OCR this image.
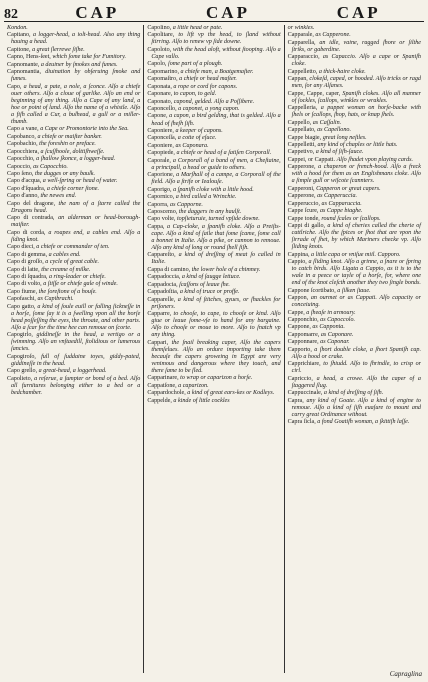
82	CAP	CAP	CAP
Kondon.
Capitano, a logger-head, a iolt-head. Also any thing hauing a head.
Capitone, a great ſlerrewe ſiſhe.
Capno, Hens-ſeet, which ſome take for Fumitory.
Capnomante, a deuiner by ſmokes and fumes.
Capnomantia, diuination by obſeruing ſmoke and fumes.
Capo, a head, a pate, a nole, a ſconce. Alſo a chiefe ouer others. Alſo a cloue of garlike. Alſo an end or beginning of any thing. Alſo a Cape of any land, a hoe or point of land. Alſo the name of a whistle. Alſo a fiſh called a Cur, a bulhead, a gull or a miller-thumb.
Capo a vane, a Cape or Promontorie into the Sea.
Capobanco, a chiefe or maiſter banker.
Capobachio, the foreshin or preface.
Capocchiera, a ſcuſſhoole, dolttiſhweſſe.
Capocchio, a ſhallow ſkonce, a logger-head.
Capoccio, as Capocchio.
Capo ſeno, the dugges or any baulk.
Capo d'acqua, a well-ſpring or head of water.
Capo d'ſquadra, a chiefe corner ſtone.
Capo d'anno, the newes end.
Capo del dragone, the nam of a ſtarre called the Dragons head.
Capo di contrada, an alderman or head-borough-maiſter.
Capo di corda, a roapes end, a cables end. Alſo a ſiding knot.
Capo dieci, a chiefe or commander of ten.
Capo di gemma, a cables end.
Capo di groſſo, a cycle of great cable.
Capo di latte, the creame of milke.
Capo di ſquadra, a ring-leader or chiefe.
Capo di volto, a ſtiſſe or chiefe gale of winde.
Capo fiume, the ſoreſtone of a houſe.
Capofaschi, as Capibrachi.
Capo gatto, a kind of ſoule euill or falling ſickneſſe in a horſe, ſome ſay it is a ſwelling vpon all the horſe head poſſeſſing the eyes, the throate, and other parts. Alſo a ſcar for the time hee can remoue on ſcorte.
Capogirlo, giddineſſe in the head, a vertigo or a ſwimming. Alſo an vnſtaedill, ſtolidious or lumerous ſancies.
Capogiroſo, full of ſuddaine toyes, giddy-pated, giddineſſe in the head.
Capo grello, a great-head, a loggerhead.
Capolieto, a reſerue, a ſumpter or bond of a bed. Alſo all furnitures belonging either to a bed or a bedchamber.
Capolino, a little head or pate.
Capolitare, to lift vp the head, to ſland without ſtirring. Alſo to renew vp ſide downe.
Capoloto, with the head aloft, without ſtooping. Alſo a Cape vallo.
Capolo, ſome part of a plough.
Capomarino, a chiefe man, a Boatgemaſter.
Capomaſtro, a chiefe or head maſter.
Caponata, a rope or cord for capons.
Caponare, to capon, to geld.
Caponato, capond, gelded. Alſo a Poſſibere.
Caponcello, a caponet, a yong capon.
Capone, a capon, a bird gelding, that is gelded. Alſo a head of ſheſh ſiſh.
Caponiere, a keeper of capons.
Caponceſſa, a cotte of eſuce.
Caponiere, as Caponara.
Capopiede, a chiefe or head of a ſatiſen Corporall.
Caporale, a Corporall of a band of men, a Cheſtaine, a principall, a head or guide to others.
Caporione, a Marſhall of a campe, a Corporall of the field. Alſo a ſtrife or Iealouſe.
Caporigo, a ſpaniſh cloke with a little hood.
Capornico, a bird called a Wrinchie.
Caporra, as Capporne.
Caposcemo, the daggers in any haulſt.
Capo volte, topſieturuie, turned vpſide downe.
Cappa, a Cap-cloke, a ſpaniſh cloke. Alſo a Preiſts-cape. Alſo a kind of ſaile that ſome ſcame, ſome call a bonnet in Italie. Alſo a pike, or cannon to remoue. Alſo any kind of long or round ſhell ſiſh.
Cappareſto, a kind of dreſſing of meat ſo called in Italie.
Cappa di camino, the lower hole of a chimney.
Cappadoccia, a kind of ſaugge lettuce.
Cappadocia, ſcaſſons of leaue ſhe.
Cappadoſtia, a kind of truce or proffe.
Capparelle, a kind of ſtitches, gyues, or ſhackles for priſoners.
Capparre, to chooſe, to cape, to chooſe or kind. Alſo giue or leaue ſome-vſe to hand for any bargaine. Alſo to chooſe or moue to more. Alſo to ſnatch vp any thing.
Cappari, the ſnail breaking caper, Alſo the capers themſelues. Alſo an ordure importing take them becauſe the capers groweing in Egypt are very venimous and dangerous where they touch, and there ſame to be ſled.
Capparinare, to wrap or caparizon a horſe.
Cappatſone, a caparizon.
Cappardochole, a kind of great ears-kes or Kodleys.
Cappelde, a kinde of little cockles
or winkles.
Capparale, as Capperone.
Capparella, an idle, vaine, ragged ſhore or ſilthe ſtriks, or gaberdine.
Capparaccio, as Capaccio. Alſo a cape or Spaniſh cloke.
Cappelletto, a thick-haire cloke.
Cappan, clokeſd, caped, or hooded. Alſo tricks or ragd men, ſor any Alſanes.
Cappe, Cappe, caper, Spaniſh clokes. Alſo all manner of ſockles, ſcallops, winkles or wrakles.
Cappelleria, a puppet woman on horſe-backe with ſhels or ſcallops, ſhop, hats, or knap ſhels.
Cappello, as Caſſalin.
Cappellato, as Capellono.
Cappe biagie, great long neſtles.
Cappelletti, any kind of chaples or little hats.
Cappetivo, a kind of ſiſh-ſauce.
Cappei, or Cappati. Alſo ſhadet vpon playing cards.
Capperone, a chaperon or french-hood. Alſo a freck with a hood for them as an Englishmans cloke. Alſo a ſimple gull or wiſcote ſcannters.
Capperoni, Capperon or great capers.
Capperone, as Capperuccia.
Capperuccio, as Capparuccia.
Cappe ſcure, as Cappe biaghe.
Cappe tonde, round ſcales or ſcallops.
Cappi di gallo, a kind of cheries called the cherie of cattlriche. Alſo the ſpices or ſhot that are vpon the ſirrade of ſhet, by which Mariners checke vp. Alſo ſliding knots.
Cappina, a little capa or vniſue miil. Capporo.
Cappio, a ſliding knot. Alſo a grinne, a ſnare or ſpring to catch birds. Alſo Ligata a Cappio, as it is to the wale in a peece or tayle of a horſe, for, where one end of the knot cleſcth another they two ſingle bonds.
Cappone ſcortibato, a ſilken ſtaue.
Cappon, an ourmet or as Cappati. Alſo capacity or conceiuing.
Cappe, a ſheaſe in armoury.
Capponchio, as Capoccolo.
Cappone, as Capponia.
Cappomarre, as Caponare.
Capponnare, as Caponar.
Capporto, a ſhort double cloke, a ſhort Spaniſh cap. Alſo a hood or crake.
Capprichiare, to ſhiudd. Alſo to ſhrindle, to crisp or cirl.
Capriccio, a head, a crowe. Alſo the caper of a ſtaggered ſlug.
Cappuccinale, a kind of dreſſing of ſiſh.
Capra, any kind of Goate. Alſo a kind of engine to remoue. Alſo a kind of ſiſh euaſure to mount and carry great Ordinance without.
Capra ſicla, a fond Goatiſh woman, a ſkittiſh laſſe.
Capraglina
